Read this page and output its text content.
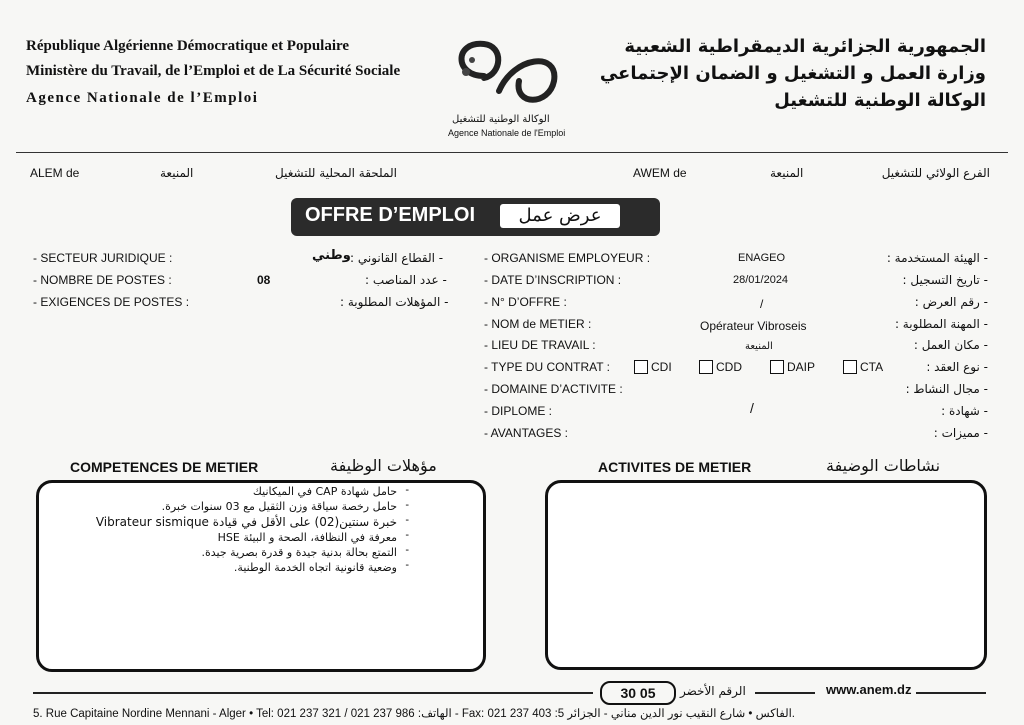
République Algérienne Démocratique et Populaire
Ministère du Travail, de l’Emploi et de La Sécurité Sociale
Agence Nationale de l’Emploi
الجمهورية الجزائرية الديمقراطية الشعبية
وزارة العمل و التشغيل و الضمان الإجتماعي
الوكالة الوطنية للتشغيل
الوكالة الوطنية للتشغيل
Agence Nationale de l'Emploi
ALEM de	المنيعة	الملحقة المحلية للتشغيل	AWEM de	المنيعة	الفرع الولائي للتشغيل
OFFRE D’EMPLOI	عرض عمل
- SECTEUR JURIDIQUE :	وطني - القطاع القانوني :
- NOMBRE DE POSTES :	08	- عدد المناصب :
- EXIGENCES DE POSTES :	- المؤهلات المطلوبة :
- ORGANISME EMPLOYEUR :	ENAGEO	- الهيئة المستخدمة :
- DATE D’INSCRIPTION :	28/01/2024	- تاريخ التسجيل :
- N° D’OFFRE :	/	- رقم العرض :
- NOM de METIER :	Opérateur Vibroseis	- المهنة المطلوبة :
- LIEU DE TRAVAIL :	المنيعة	- مكان العمل :
- TYPE DU CONTRAT :	CDI	CDD	DAIP	CTA	- نوع العقد :
- DOMAINE D’ACTIVITE :	- مجال النشاط :
- DIPLOME :	/	- شهادة :
- AVANTAGES :	- مميزات :
COMPETENCES DE METIER	مؤهلات الوظيفة
حامل شهادة CAP في الميكانيك
حامل رخصة سياقة وزن الثقيل مع 03 سنوات خبرة.
خبرة سنتين(02) على الأقل في قيادة Vibrateur sismique
معرفة في النظافة، الصحة و البيئة HSE
التمتع بحالة بدنية جيدة و قدرة بصرية جيدة.
وضعية قانونية اتجاه الخدمة الوطنية.
-
-
-
-
-
-
ACTIVITES DE METIER	نشاطات الوضيفة
30 05	الرقم الأخضر	www.anem.dz
5. Rue Capitaine Nordine Mennani - Alger • Tel: 021 237 321 / 021 237 986 :الهاتف - Fax: 021 237 403 :الفاكس • شارع النقيب نور الدين مناني - الجزائر 5.
